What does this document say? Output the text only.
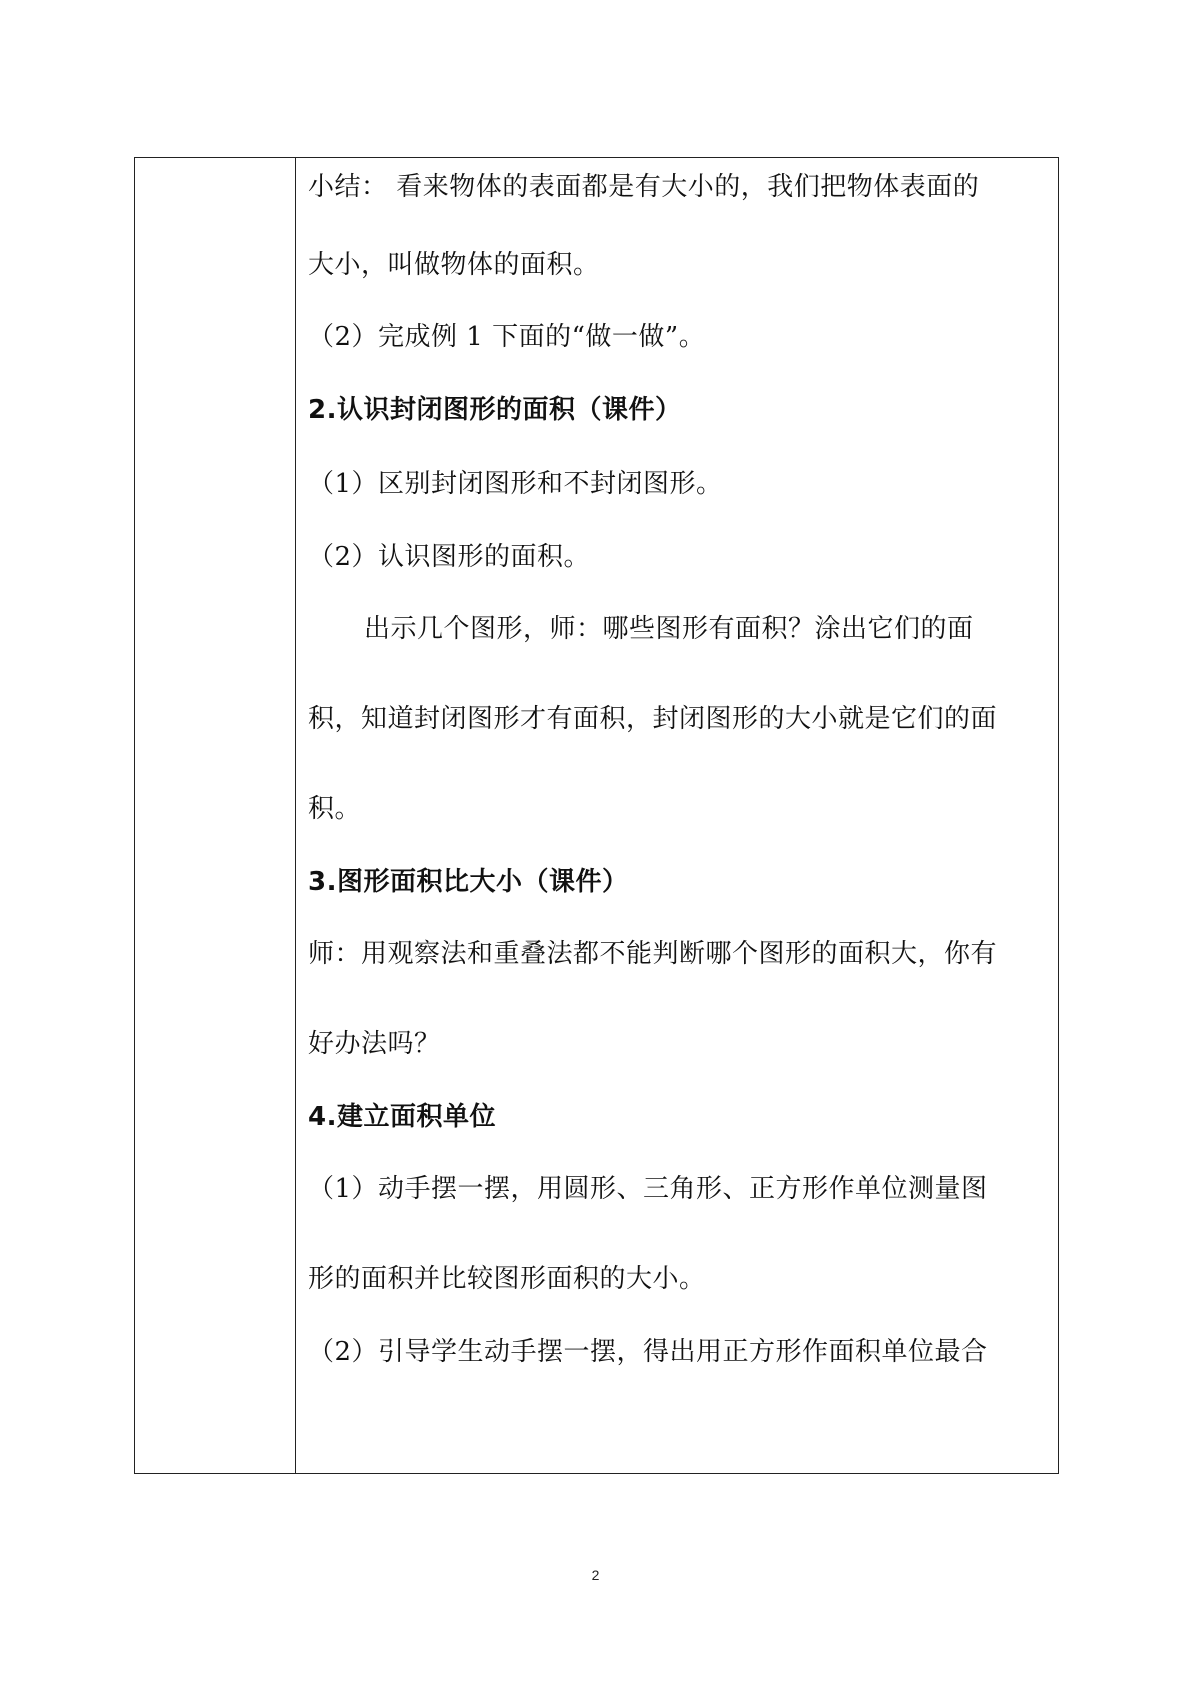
小结： 看来物体的表面都是有大小的，我们把物体表面的
大小，叫做物体的面积。
（2）完成例 1 下面的“做一做”。
2.认识封闭图形的面积（课件）
（1）区别封闭图形和不封闭图形。
（2）认识图形的面积。
出示几个图形，师：哪些图形有面积？涂出它们的面
积，知道封闭图形才有面积，封闭图形的大小就是它们的面
积。
3.图形面积比大小（课件）
师：用观察法和重叠法都不能判断哪个图形的面积大，你有
好办法吗？
4.建立面积单位
（1）动手摆一摆，用圆形、三角形、正方形作单位测量图
形的面积并比较图形面积的大小。
（2）引导学生动手摆一摆，得出用正方形作面积单位最合
2
